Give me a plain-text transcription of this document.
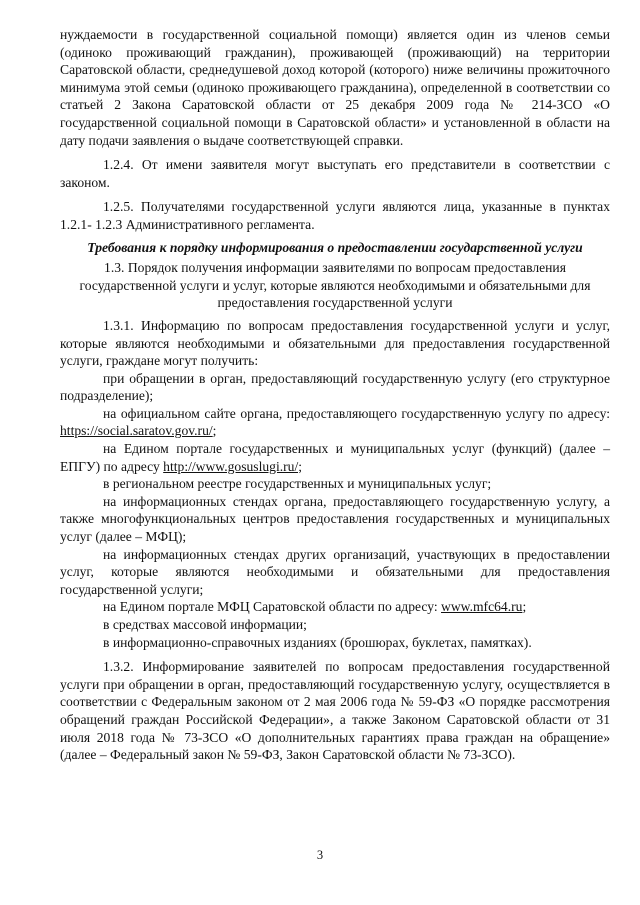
нуждаемости в государственной социальной помощи) является один из членов семьи (одиноко проживающий гражданин), проживающей (проживающий) на территории Саратовской области, среднедушевой доход которой (которого) ниже величины прожиточного минимума этой семьи (одиноко проживающего гражданина), определенной в соответствии со статьей 2 Закона Саратовской области от 25 декабря 2009 года № 214-ЗСО «О государственной социальной помощи в Саратовской области» и установленной в области на дату подачи заявления о выдаче соответствующей справки.

1.2.4. От имени заявителя могут выступать его представители в соответствии с законом.

1.2.5. Получателями государственной услуги являются лица, указанные в пунктах 1.2.1- 1.2.3 Административного регламента.

Требования к порядку информирования о предоставлении государственной услуги

1.3. Порядок получения информации заявителями по вопросам предоставления государственной услуги и услуг, которые являются необходимыми и обязательными для предоставления государственной услуги

1.3.1. Информацию по вопросам предоставления государственной услуги и услуг, которые являются необходимыми и обязательными для предоставления государственной услуги, граждане могут получить:

при обращении в орган, предоставляющий государственную услугу (его структурное подразделение);

на официальном сайте органа, предоставляющего государственную услугу по адресу: https://social.saratov.gov.ru/;

на Едином портале государственных и муниципальных услуг (функций) (далее – ЕПГУ) по адресу http://www.gosuslugi.ru/;

в региональном реестре государственных и муниципальных услуг;

на информационных стендах органа, предоставляющего государственную услугу, а также многофункциональных центров предоставления государственных и муниципальных услуг (далее – МФЦ);

на информационных стендах других организаций, участвующих в предоставлении услуг, которые являются необходимыми и обязательными для предоставления государственной услуги;

на Едином портале МФЦ Саратовской области по адресу: www.mfc64.ru;

в средствах массовой информации;

в информационно-справочных изданиях (брошюрах, буклетах, памятках).

1.3.2. Информирование заявителей по вопросам предоставления государственной услуги при обращении в орган, предоставляющий государственную услугу, осуществляется в соответствии с Федеральным законом от 2 мая 2006 года № 59-ФЗ «О порядке рассмотрения обращений граждан Российской Федерации», а также Законом Саратовской области от 31 июля 2018 года № 73-ЗСО «О дополнительных гарантиях права граждан на обращение» (далее – Федеральный закон № 59-ФЗ, Закон Саратовской области № 73-ЗСО).

3
